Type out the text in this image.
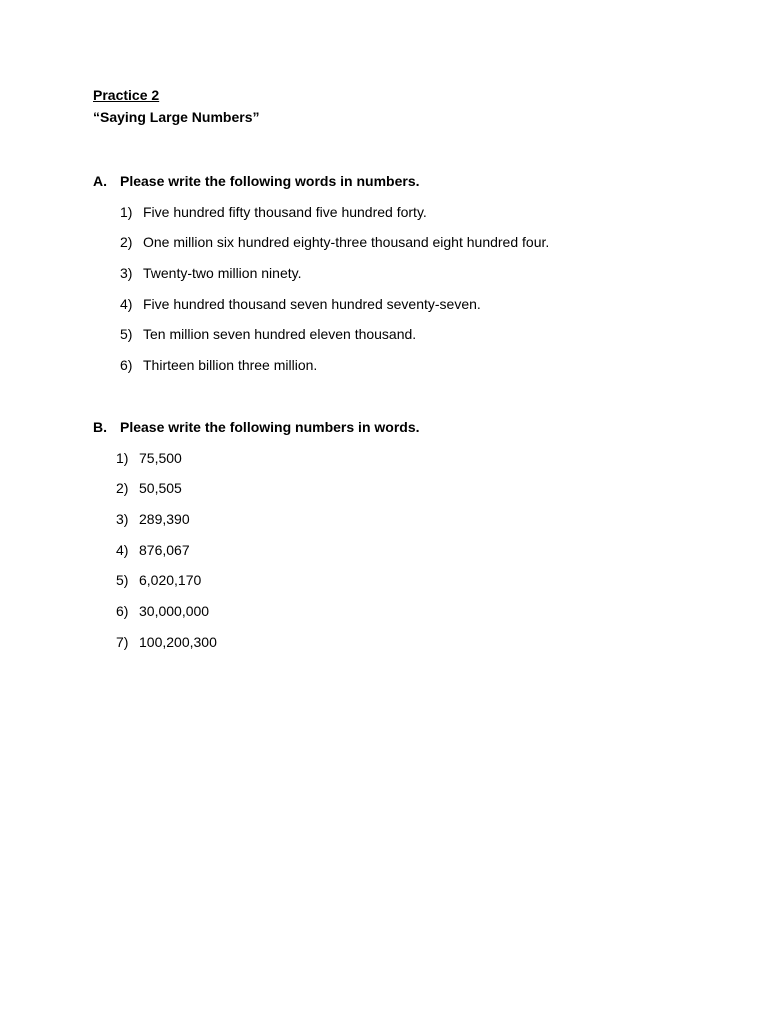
Practice 2

“Saying Large Numbers”

A. Please write the following words in numbers.
1) Five hundred fifty thousand five hundred forty.
2) One million six hundred eighty-three thousand eight hundred four.
3) Twenty-two million ninety.
4) Five hundred thousand seven hundred seventy-seven.
5) Ten million seven hundred eleven thousand.
6) Thirteen billion three million.
B. Please write the following numbers in words.
1) 75,500
2) 50,505
3) 289,390
4) 876,067
5) 6,020,170
6) 30,000,000
7) 100,200,300
